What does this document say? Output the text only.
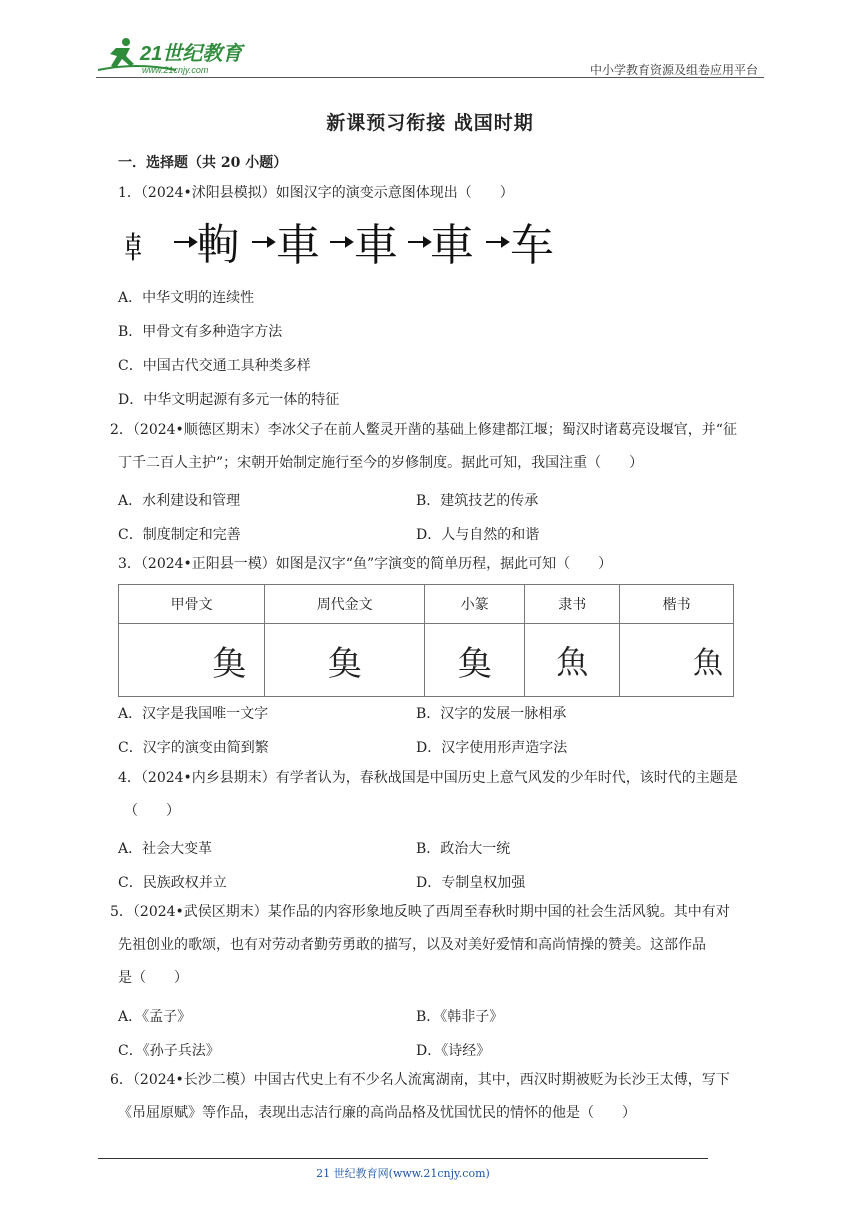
21世纪教育
www.21cnjy.com	中小学教育资源及组卷应用平台
新课预习衔接 战国时期
一．选择题（共 20 小题）
1．（2024•沭阳县模拟）如图汉字的演变示意图体现出（　　）
𠦝 𨋮 車 車 車 车
A．中华文明的连续性
B．甲骨文有多种造字方法
C．中国古代交通工具种类多样
D．中华文明起源有多元一体的特征
2．（2024•顺德区期末）李冰父子在前人鳖灵开凿的基础上修建都江堰；蜀汉时诸葛亮设堰官，并“征
丁千二百人主护”；宋朝开始制定施行至今的岁修制度。据此可知，我国注重（　　）
A．水利建设和管理	B．建筑技艺的传承
C．制度制定和完善	D．人与自然的和谐
3．（2024•正阳县一模）如图是汉字“鱼”字演变的简单历程，据此可知（　　）
甲骨文	周代金文	小篆	隶书	楷书
𩵋	𩵋	𩵋	魚	魚
A．汉字是我国唯一文字	B．汉字的发展一脉相承
C．汉字的演变由简到繁	D．汉字使用形声造字法
4．（2024•内乡县期末）有学者认为，春秋战国是中国历史上意气风发的少年时代，该时代的主题是
（　　）
A．社会大变革	B．政治大一统
C．民族政权并立	D．专制皇权加强
5．（2024•武侯区期末）某作品的内容形象地反映了西周至春秋时期中国的社会生活风貌。其中有对
先祖创业的歌颂，也有对劳动者勤劳勇敢的描写，以及对美好爱情和高尚情操的赞美。这部作品
是（　　）
A．《孟子》	B．《韩非子》
C．《孙子兵法》	D．《诗经》
6．（2024•长沙二模）中国古代史上有不少名人流寓湖南，其中，西汉时期被贬为长沙王太傅，写下
《吊屈原赋》等作品，表现出志洁行廉的高尚品格及忧国忧民的情怀的他是（　　）
21 世纪教育网(www.21cnjy.com)
